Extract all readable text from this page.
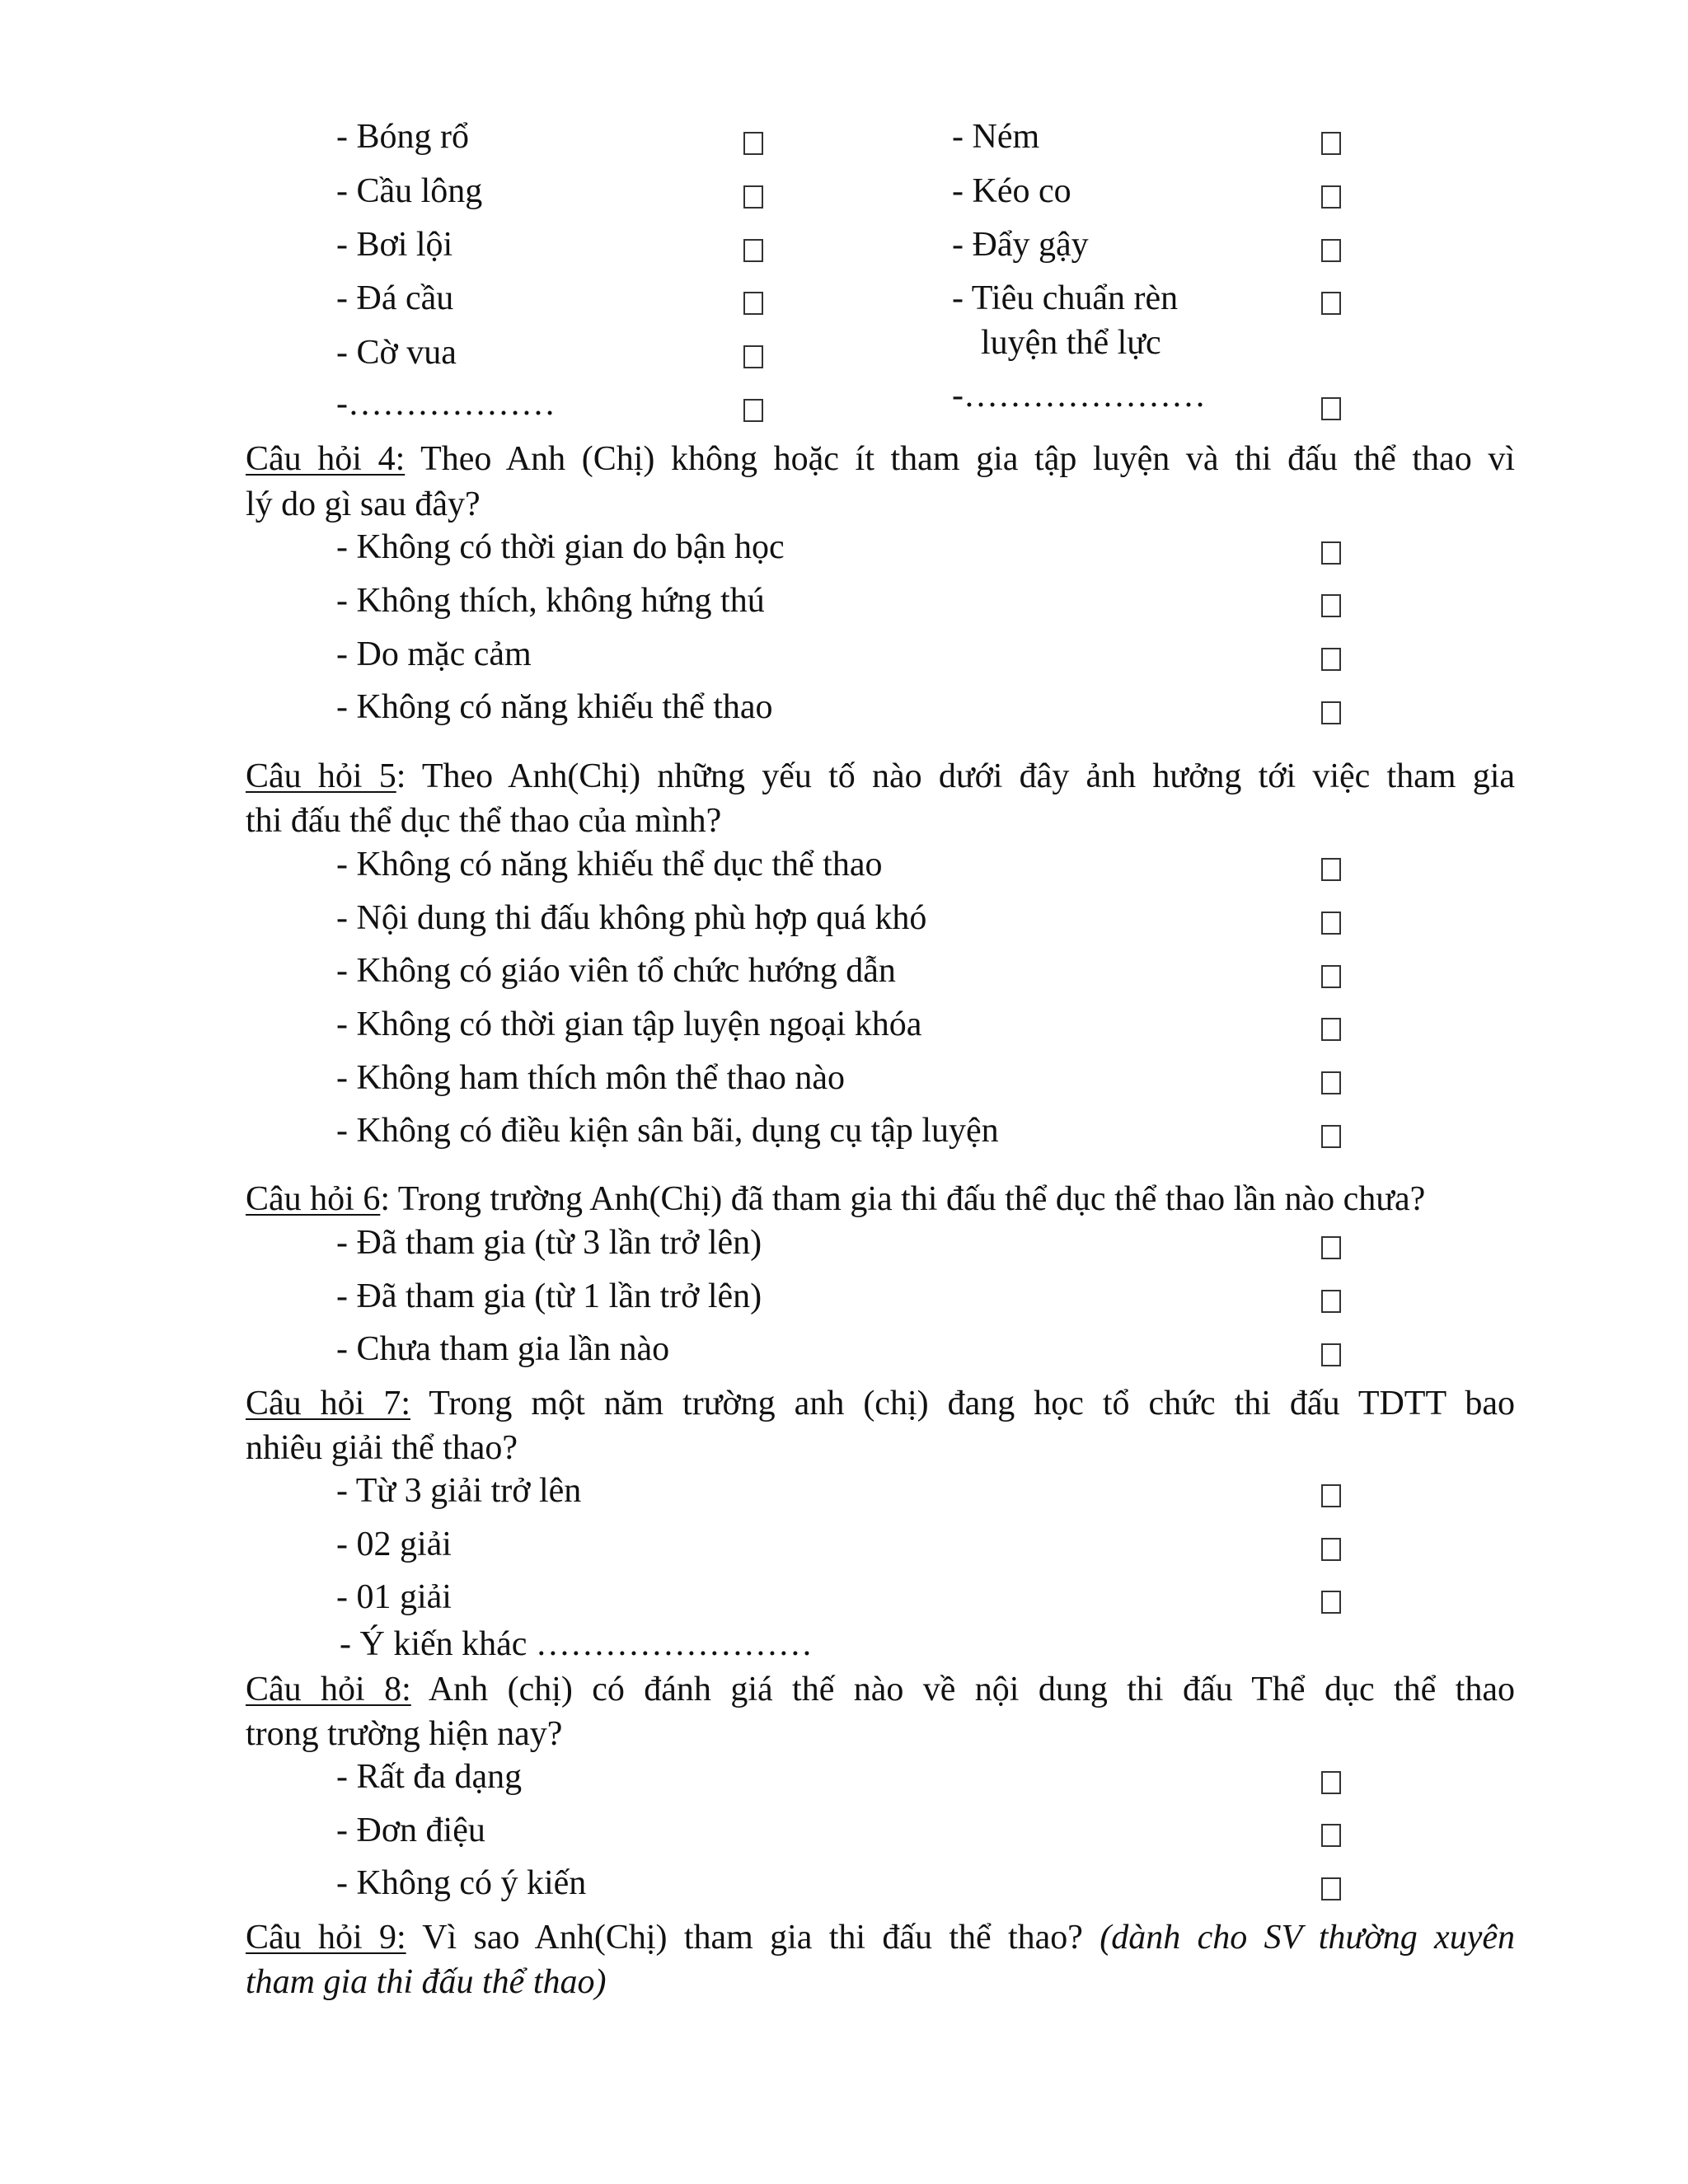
- Bóng rổ	- Ném
- Cầu lông	- Kéo co
- Bơi lội	- Đẩy gậy
- Đá cầu	- Tiêu chuẩn rèn
luyện thể lực
- Cờ vua
-………………	-…………………
Câu hỏi 4: Theo Anh (Chị) không hoặc ít tham gia tập luyện và thi đấu thể thao vì
lý do gì sau đây?
- Không có thời gian do bận học
- Không thích, không hứng thú
- Do mặc cảm
- Không có năng khiếu thể thao
Câu hỏi 5: Theo Anh(Chị) những yếu tố nào dưới đây ảnh hưởng tới việc tham gia
thi đấu thể dục thể thao của mình?
- Không có năng khiếu thể dục thể thao
- Nội dung thi đấu không phù hợp quá khó
- Không có giáo viên tổ chức hướng dẫn
- Không có thời gian tập luyện ngoại khóa
- Không ham thích môn thể thao nào
- Không có điều kiện sân bãi, dụng cụ tập luyện
Câu hỏi 6: Trong trường Anh(Chị) đã tham gia thi đấu thể dục thể thao lần nào chưa?
- Đã tham gia (từ 3 lần trở lên)
- Đã tham gia (từ 1 lần trở lên)
- Chưa tham gia lần nào
Câu hỏi 7: Trong một năm trường anh (chị) đang học tổ chức thi đấu TDTT bao
nhiêu giải thể thao?
- Từ 3 giải trở lên
- 02 giải
- 01 giải
- Ý kiến khác ……………………
Câu hỏi 8: Anh (chị) có đánh giá thế nào về nội dung thi đấu Thể dục thể thao
trong trường hiện nay?
- Rất đa dạng
- Đơn điệu
- Không có ý kiến
Câu hỏi 9: Vì sao Anh(Chị) tham gia thi đấu thể thao? (dành cho SV thường xuyên
tham gia thi đấu thể thao)
